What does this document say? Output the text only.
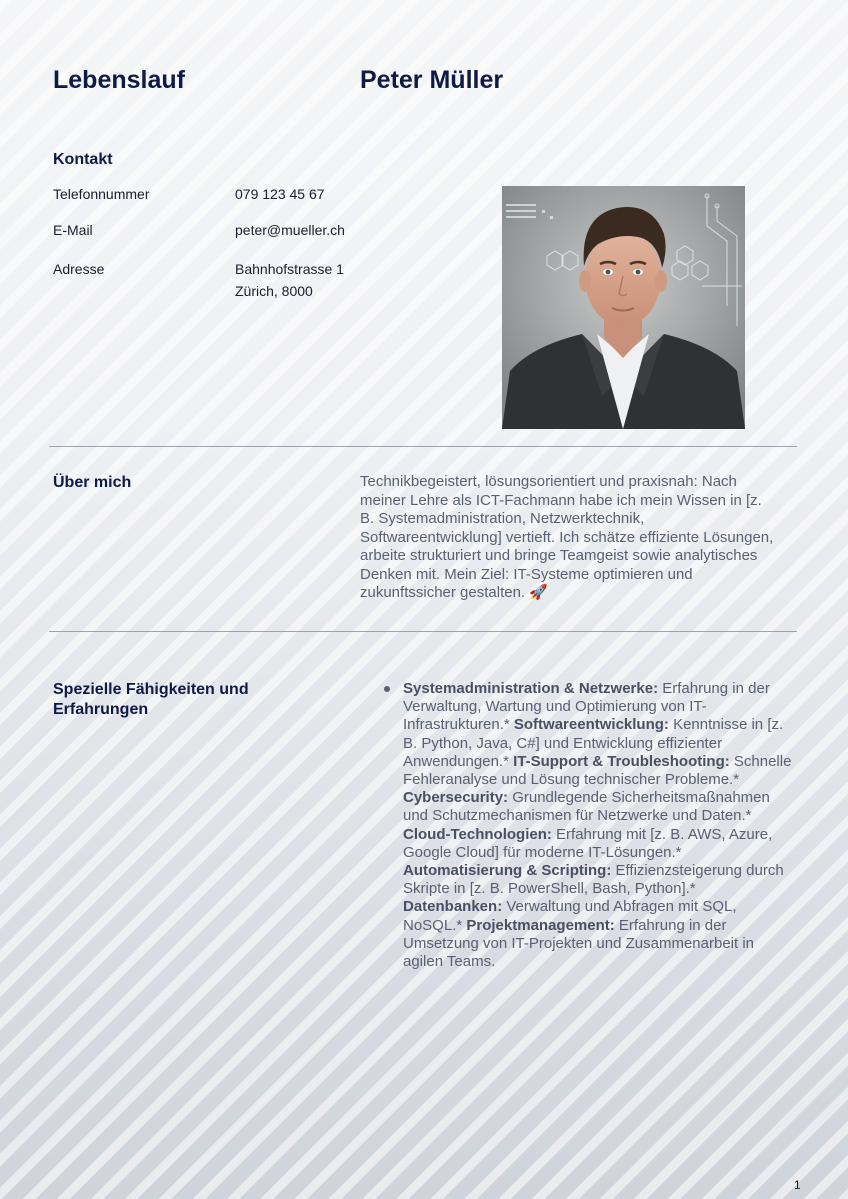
Lebenslauf	Peter Müller
Kontakt
Telefonnummer	079 123 45 67
E-Mail	peter@mueller.ch
Adresse	Bahnhofstrasse 1
Zürich, 8000
Über mich	Technikbegeistert, lösungsorientiert und praxisnah: Nach meiner Lehre als ICT-Fachmann habe ich mein Wissen in [z. B. Systemadministration, Netzwerktechnik, Softwareentwicklung] vertieft. Ich schätze effiziente Lösungen, arbeite strukturiert und bringe Teamgeist sowie analytisches Denken mit. Mein Ziel: IT-Systeme optimieren und zukunftssicher gestalten. 🚀
Spezielle Fähigkeiten und Erfahrungen
Systemadministration & Netzwerke: Erfahrung in der Verwaltung, Wartung und Optimierung von IT-Infrastrukturen.* Softwareentwicklung: Kenntnisse in [z. B. Python, Java, C#] und Entwicklung effizienter Anwendungen.* IT-Support & Troubleshooting: Schnelle Fehleranalyse und Lösung technischer Probleme.* Cybersecurity: Grundlegende Sicherheitsmaßnahmen und Schutzmechanismen für Netzwerke und Daten.* Cloud-Technologien: Erfahrung mit [z. B. AWS, Azure, Google Cloud] für moderne IT-Lösungen.* Automatisierung & Scripting: Effizienzsteigerung durch Skripte in [z. B. PowerShell, Bash, Python].* Datenbanken: Verwaltung und Abfragen mit SQL, NoSQL.* Projektmanagement: Erfahrung in der Umsetzung von IT-Projekten und Zusammenarbeit in agilen Teams.
1
